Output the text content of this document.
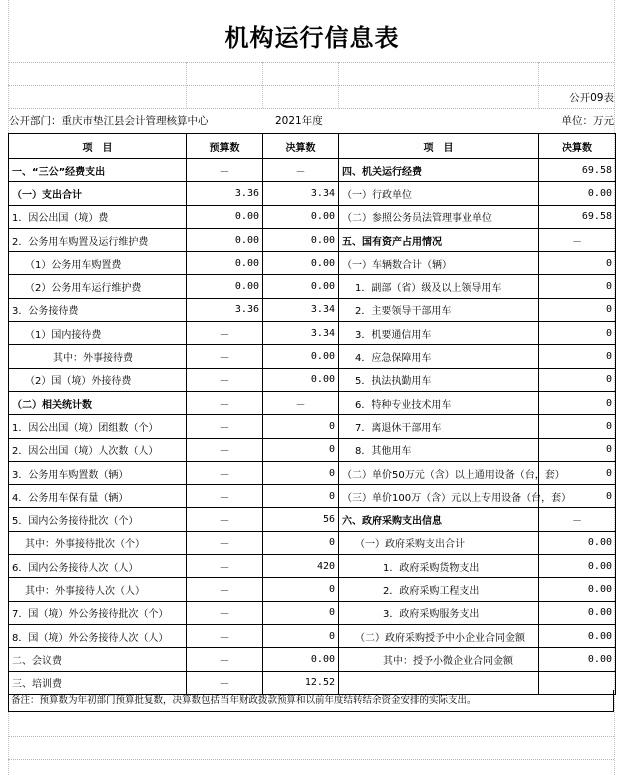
机构运行信息表
公开09表
公开部门：重庆市垫江县会计管理核算中心	2021年度	单位：万元
项　目	预算数	决算数	项　目	决算数
一、“三公”经费支出	－	－	四、机关运行经费	69.58
（一）支出合计	3.36	3.34	（一）行政单位	0.00
1．因公出国（境）费	0.00	0.00	（二）参照公务员法管理事业单位	69.58
2．公务用车购置及运行维护费	0.00	0.00	五、国有资产占用情况	－
（1）公务用车购置费	0.00	0.00	（一）车辆数合计（辆）	0
（2）公务用车运行维护费	0.00	0.00	1．副部（省）级及以上领导用车	0
3．公务接待费	3.36	3.34	2．主要领导干部用车	0
（1）国内接待费	－	3.34	3．机要通信用车	0
其中：外事接待费	－	0.00	4．应急保障用车	0
（2）国（境）外接待费	－	0.00	5．执法执勤用车	0
（二）相关统计数	－	－	6．特种专业技术用车	0
1．因公出国（境）团组数（个）	－	0	7．离退休干部用车	0
2．因公出国（境）人次数（人）	－	0	8．其他用车	0
3．公务用车购置数（辆）	－	0	（二）单价50万元（含）以上通用设备（台，套）	0
4．公务用车保有量（辆）	－	0	（三）单价100万（含）元以上专用设备（台，套）	0
5．国内公务接待批次（个）	－	56	六、政府采购支出信息	－
其中：外事接待批次（个）	－	0	（一）政府采购支出合计	0.00
6．国内公务接待人次（人）	－	420	1．政府采购货物支出	0.00
其中：外事接待人次（人）	－	0	2．政府采购工程支出	0.00
7．国（境）外公务接待批次（个）	－	0	3．政府采购服务支出	0.00
8．国（境）外公务接待人次（人）	－	0	（二）政府采购授予中小企业合同金额	0.00
二、会议费	－	0.00	其中：授予小微企业合同金额	0.00
三、培训费	－	12.52		
备注：预算数为年初部门预算批复数，决算数包括当年财政拨款预算和以前年度结转结余资金安排的实际支出。
